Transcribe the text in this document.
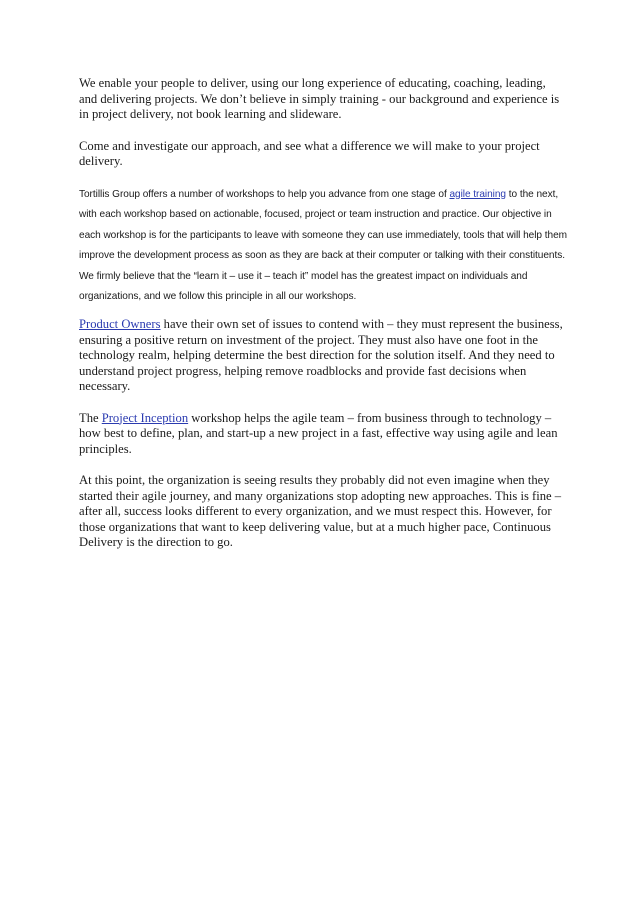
We enable your people to deliver, using our long experience of educating, coaching, leading, and delivering projects. We don’t believe in simply training - our background and experience is in project delivery, not book learning and slideware.

Come and investigate our approach, and see what a difference we will make to your project delivery.

Tortillis Group offers a number of workshops to help you advance from one stage of agile training to the next, with each workshop based on actionable, focused, project or team instruction and practice. Our objective in each workshop is for the participants to leave with someone they can use immediately, tools that will help them improve the development process as soon as they are back at their computer or talking with their constituents. We firmly believe that the “learn it – use it – teach it” model has the greatest impact on individuals and organizations, and we follow this principle in all our workshops.

Product Owners have their own set of issues to contend with – they must represent the business, ensuring a positive return on investment of the project. They must also have one foot in the technology realm, helping determine the best direction for the solution itself. And they need to understand project progress, helping remove roadblocks and provide fast decisions when necessary.

The Project Inception workshop helps the agile team – from business through to technology – how best to define, plan, and start-up a new project in a fast, effective way using agile and lean principles.

At this point, the organization is seeing results they probably did not even imagine when they started their agile journey, and many organizations stop adopting new approaches. This is fine – after all, success looks different to every organization, and we must respect this. However, for those organizations that want to keep delivering value, but at a much higher pace, Continuous Delivery is the direction to go.
